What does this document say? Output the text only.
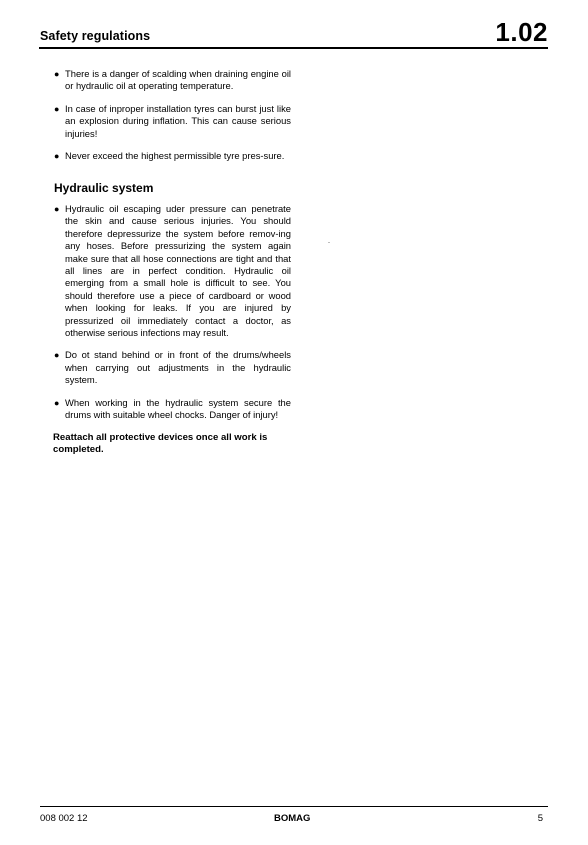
Safety regulations	1.02
● There is a danger of scalding when draining engine oil or hydraulic oil at operating temperature.
● In case of inproper installation tyres can burst just like an explosion during inflation. This can cause serious injuries!
● Never exceed the highest permissible tyre pres-sure.
Hydraulic system
● Hydraulic oil escaping uder pressure can penetrate the skin and cause serious injuries. You should therefore depressurize the system before remov-ing any hoses. Before pressurizing the system again make sure that all hose connections are tight and that all lines are in perfect condition. Hydraulic oil emerging from a small hole is difficult to see. You should therefore use a piece of cardboard or wood when looking for leaks. If you are injured by pressurized oil immediately contact a doctor, as otherwise serious infections may result.
● Do ot stand behind or in front of the drums/wheels when carrying out adjustments in the hydraulic system.
● When working in the hydraulic system secure the drums with suitable wheel chocks. Danger of injury!
Reattach all protective devices once all work is completed.
008 002 12	BOMAG	5
